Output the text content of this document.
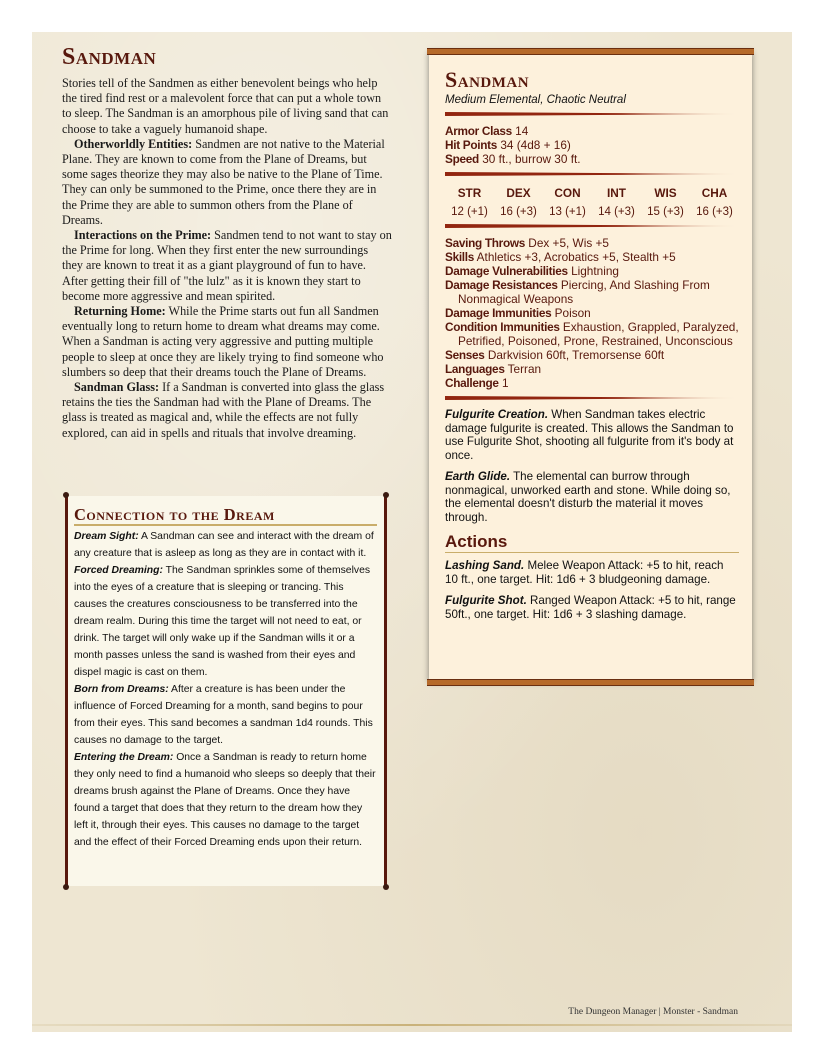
Sandman

Stories tell of the Sandmen as either benevolent beings who help the tired find rest or a malevolent force that can put a whole town to sleep. The Sandman is an amorphous pile of living sand that can choose to take a vaguely humanoid shape.

Otherworldly Entities: Sandmen are not native to the Material Plane. They are known to come from the Plane of Dreams, but some sages theorize they may also be native to the Plane of Time. They can only be summoned to the Prime, once there they are in the Prime they are able to summon others from the Plane of Dreams.

Interactions on the Prime: Sandmen tend to not want to stay on the Prime for long. When they first enter the new surroundings they are known to treat it as a giant playground of fun to have. After getting their fill of "the lulz" as it is known they start to become more aggressive and mean spirited.

Returning Home: While the Prime starts out fun all Sandmen eventually long to return home to dream what dreams may come. When a Sandman is acting very aggressive and putting multiple people to sleep at once they are likely trying to find someone who slumbers so deep that their dreams touch the Plane of Dreams.

Sandman Glass: If a Sandman is converted into glass the glass retains the ties the Sandman had with the Plane of Dreams. The glass is treated as magical and, while the effects are not fully explored, can aid in spells and rituals that involve dreaming.

Connection to the Dream

Dream Sight: A Sandman can see and interact with the dream of any creature that is asleep as long as they are in contact with it.

Forced Dreaming: The Sandman sprinkles some of themselves into the eyes of a creature that is sleeping or trancing. This causes the creatures consciousness to be transferred into the dream realm. During this time the target will not need to eat, or drink. The target will only wake up if the Sandman wills it or a month passes unless the sand is washed from their eyes and dispel magic is cast on them.

Born from Dreams: After a creature is has been under the influence of Forced Dreaming for a month, sand begins to pour from their eyes. This sand becomes a sandman 1d4 rounds. This causes no damage to the target.

Entering the Dream: Once a Sandman is ready to return home they only need to find a humanoid who sleeps so deeply that their dreams brush against the Plane of Dreams. Once they have found a target that does that they return to the dream how they left it, through their eyes. This causes no damage to the target and the effect of their Forced Dreaming ends upon their return.

Sandman

Medium Elemental, Chaotic Neutral

Armor Class 14

Hit Points 34 (4d8 + 16)

Speed 30 ft., burrow 30 ft.

STR
12 (+1)
DEX
16 (+3)
CON
13 (+1)
INT
14 (+3)
WIS
15 (+3)
CHA
16 (+3)

Saving Throws Dex +5, Wis +5

Skills Athletics +3, Acrobatics +5, Stealth +5

Damage Vulnerabilities Lightning

Damage Resistances Piercing, And Slashing From Nonmagical Weapons

Damage Immunities Poison

Condition Immunities Exhaustion, Grappled, Paralyzed, Petrified, Poisoned, Prone, Restrained, Unconscious

Senses Darkvision 60ft, Tremorsense 60ft

Languages Terran

Challenge 1

Fulgurite Creation. When Sandman takes electric damage fulgurite is created. This allows the Sandman to use Fulgurite Shot, shooting all fulgurite from it's body at once.

Earth Glide. The elemental can burrow through nonmagical, unworked earth and stone. While doing so, the elemental doesn't disturb the material it moves through.

Actions

Lashing Sand. Melee Weapon Attack: +5 to hit, reach 10 ft., one target. Hit: 1d6 + 3 bludgeoning damage.

Fulgurite Shot. Ranged Weapon Attack: +5 to hit, range 50ft., one target. Hit: 1d6 + 3 slashing damage.

The Dungeon Manager | Monster - Sandman
